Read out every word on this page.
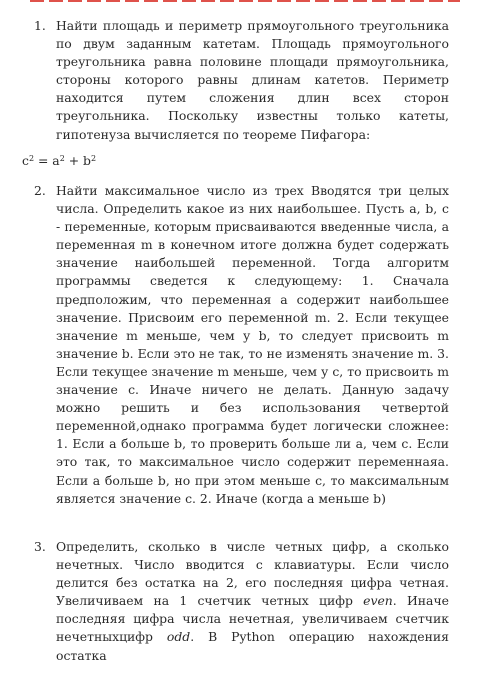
1. Найти площадь и периметр прямоугольного треугольника по двум заданным катетам. Площадь прямоугольного треугольника равна половине площади прямоугольника, стороны которого равны длинам катетов. Периметр находится путем сложения длин всех сторон треугольника. Поскольку известны только катеты, гипотенуза вычисляется по теореме Пифагора:

$c^2 = a^2 + b^2$
2. Найти максимальное число из трех Вводятся три целых числа. Определить какое из них наибольшее. Пусть a, b, c - переменные, которым присваиваются введенные числа, а переменная m в конечном итоге должна будет содержать значение наибольшей переменной. Тогда алгоритм программы сведется к следующему: 1. Сначала предположим, что переменная a содержит наибольшее значение. Присвоим его переменной m. 2. Если текущее значение m меньше, чем у b, то следует присвоить m значение b. Если это не так, то не изменять значение m. 3. Если текущее значение m меньше, чем у c, то присвоить m значение c. Иначе ничего не делать. Данную задачу можно решить и без использования четвертой переменной,однако программа будет логически сложнее: 1. Если a больше b, то проверить больше ли a, чем c. Если это так, то максимальное число содержит переменнаяa. Если a больше b, но при этом меньше c, то максимальным является значение c. 2. Иначе (когда a меньше b)

3. Определить, сколько в числе четных цифр, а сколько нечетных. Число вводится с клавиатуры. Если число делится без остатка на 2, его последняя цифра четная. Увеличиваем на 1 счетчик четных цифр even. Иначе последняя цифра числа нечетная, увеличиваем счетчик нечетныхцифр odd. В Python операцию нахождения остатка
